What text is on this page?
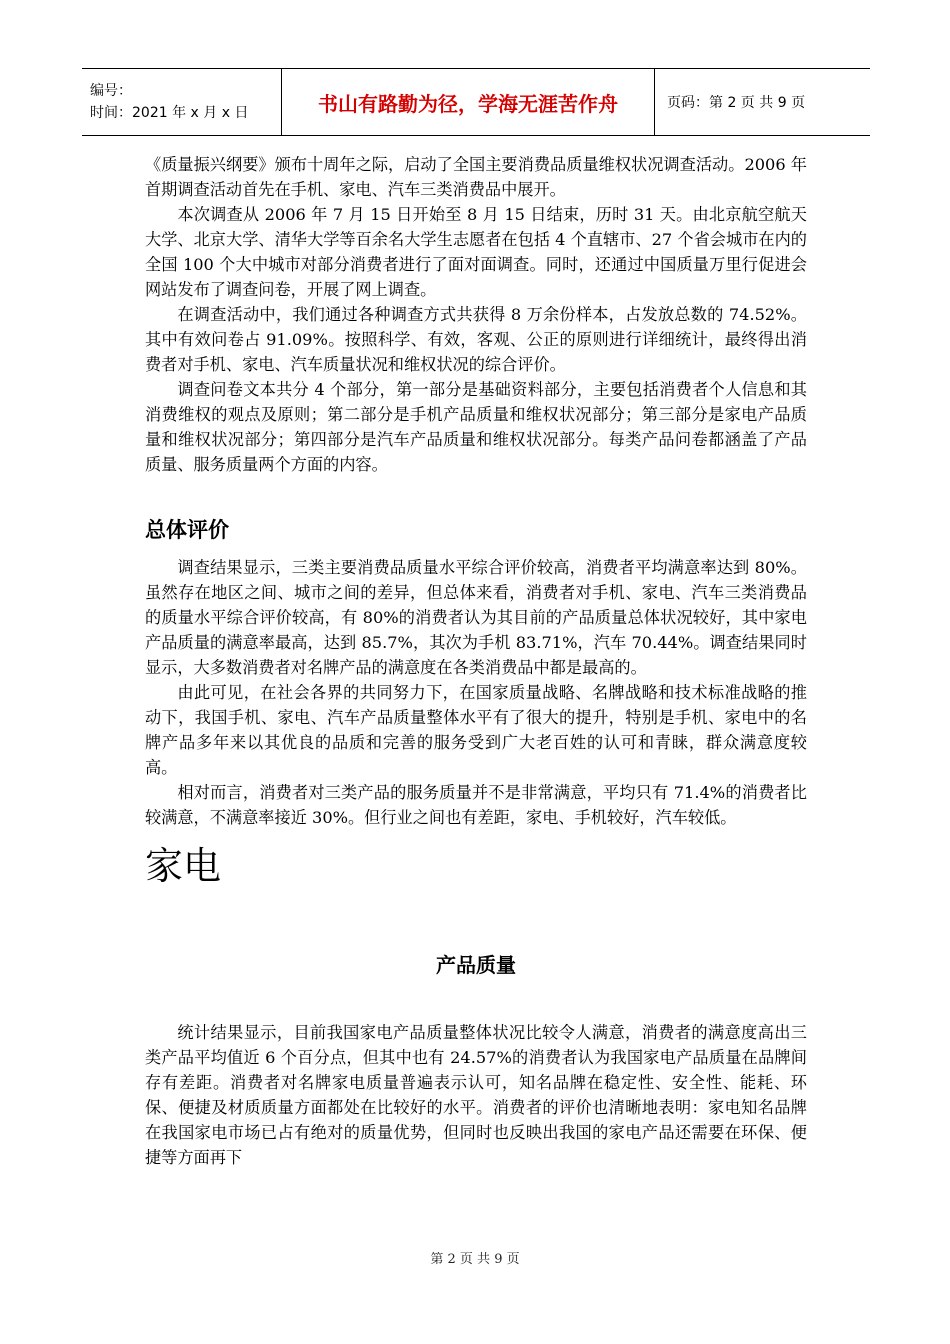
编号：
时间：2021 年 x 月 x 日	书山有路勤为径，学海无涯苦作舟	页码：第 2 页 共 9 页

《质量振兴纲要》颁布十周年之际，启动了全国主要消费品质量维权状况调查活动。2006 年首期调查活动首先在手机、家电、汽车三类消费品中展开。

本次调查从 2006 年 7 月 15 日开始至 8 月 15 日结束，历时 31 天。由北京航空航天大学、北京大学、清华大学等百余名大学生志愿者在包括 4 个直辖市、27 个省会城市在内的全国 100 个大中城市对部分消费者进行了面对面调查。同时，还通过中国质量万里行促进会网站发布了调查问卷，开展了网上调查。

在调查活动中，我们通过各种调查方式共获得 8 万余份样本，占发放总数的 74.52%。其中有效问卷占 91.09%。按照科学、有效，客观、公正的原则进行详细统计，最终得出消费者对手机、家电、汽车质量状况和维权状况的综合评价。

调查问卷文本共分 4 个部分，第一部分是基础资料部分，主要包括消费者个人信息和其消费维权的观点及原则；第二部分是手机产品质量和维权状况部分；第三部分是家电产品质量和维权状况部分；第四部分是汽车产品质量和维权状况部分。每类产品问卷都涵盖了产品质量、服务质量两个方面的内容。

总体评价

调查结果显示，三类主要消费品质量水平综合评价较高，消费者平均满意率达到 80%。虽然存在地区之间、城市之间的差异，但总体来看，消费者对手机、家电、汽车三类消费品的质量水平综合评价较高，有 80%的消费者认为其目前的产品质量总体状况较好，其中家电产品质量的满意率最高，达到 85.7%，其次为手机 83.71%，汽车 70.44%。调查结果同时显示，大多数消费者对名牌产品的满意度在各类消费品中都是最高的。

由此可见，在社会各界的共同努力下，在国家质量战略、名牌战略和技术标准战略的推动下，我国手机、家电、汽车产品质量整体水平有了很大的提升，特别是手机、家电中的名牌产品多年来以其优良的品质和完善的服务受到广大老百姓的认可和青睐，群众满意度较高。

相对而言，消费者对三类产品的服务质量并不是非常满意，平均只有 71.4%的消费者比较满意，不满意率接近 30%。但行业之间也有差距，家电、手机较好，汽车较低。

家电
产品质量

统计结果显示，目前我国家电产品质量整体状况比较令人满意，消费者的满意度高出三类产品平均值近 6 个百分点，但其中也有 24.57%的消费者认为我国家电产品质量在品牌间存有差距。消费者对名牌家电质量普遍表示认可，知名品牌在稳定性、安全性、能耗、环保、便捷及材质质量方面都处在比较好的水平。消费者的评价也清晰地表明：家电知名品牌在我国家电市场已占有绝对的质量优势，但同时也反映出我国的家电产品还需要在环保、便捷等方面再下

第 2 页 共 9 页
